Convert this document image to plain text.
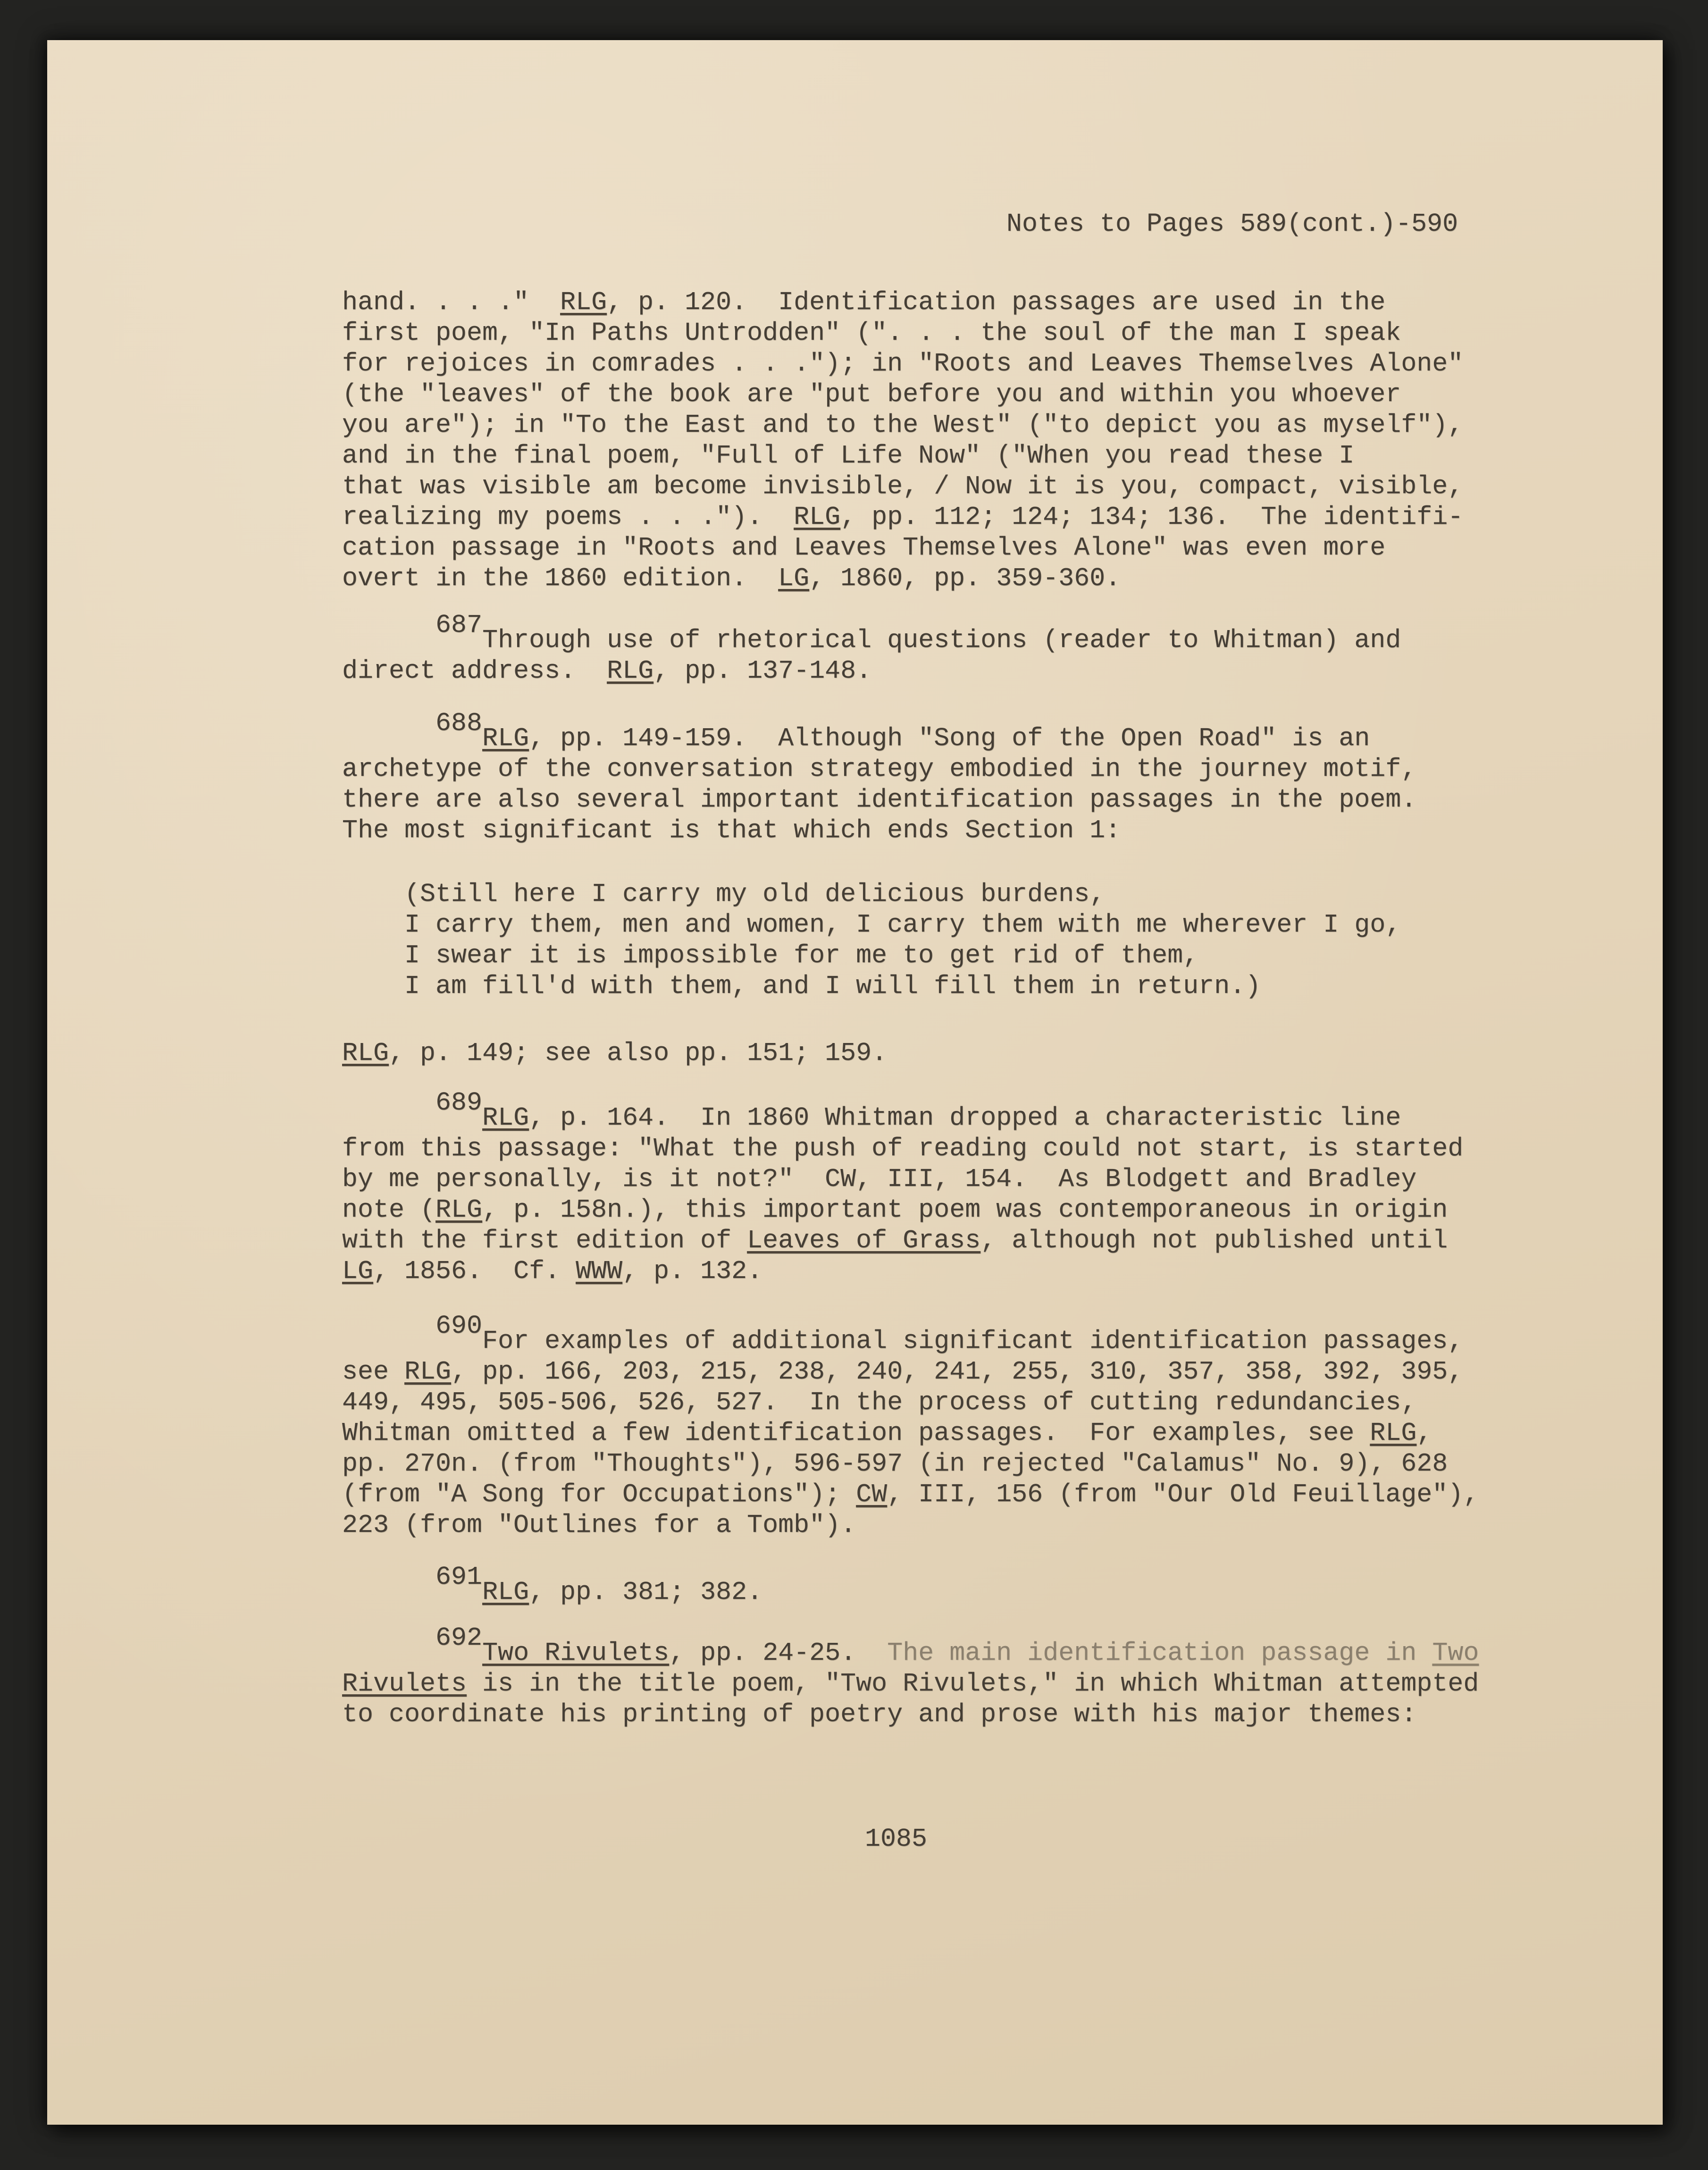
Notes to Pages 589(cont.)-590
hand. . . ."  RLG, p. 120.  Identification passages are used in the
first poem, "In Paths Untrodden" (". . . the soul of the man I speak
for rejoices in comrades . . ."); in "Roots and Leaves Themselves Alone"
(the "leaves" of the book are "put before you and within you whoever
you are"); in "To the East and to the West" ("to depict you as myself"),
and in the final poem, "Full of Life Now" ("When you read these I
that was visible am become invisible, / Now it is you, compact, visible,
realizing my poems . . .").  RLG, pp. 112; 124; 134; 136.  The identifi-
cation passage in "Roots and Leaves Themselves Alone" was even more
overt in the 1860 edition.  LG, 1860, pp. 359-360.
687Through use of rhetorical questions (reader to Whitman) and
direct address.  RLG, pp. 137-148.
688RLG, pp. 149-159.  Although "Song of the Open Road" is an
archetype of the conversation strategy embodied in the journey motif,
there are also several important identification passages in the poem.
The most significant is that which ends Section 1:
(Still here I carry my old delicious burdens,
I carry them, men and women, I carry them with me wherever I go,
I swear it is impossible for me to get rid of them,
I am fill'd with them, and I will fill them in return.)
RLG, p. 149; see also pp. 151; 159.
689RLG, p. 164.  In 1860 Whitman dropped a characteristic line
from this passage: "What the push of reading could not start, is started
by me personally, is it not?"  CW, III, 154.  As Blodgett and Bradley
note (RLG, p. 158n.), this important poem was contemporaneous in origin
with the first edition of Leaves of Grass, although not published until
LG, 1856.  Cf. WWW, p. 132.
690For examples of additional significant identification passages,
see RLG, pp. 166, 203, 215, 238, 240, 241, 255, 310, 357, 358, 392, 395,
449, 495, 505-506, 526, 527.  In the process of cutting redundancies,
Whitman omitted a few identification passages.  For examples, see RLG,
pp. 270n. (from "Thoughts"), 596-597 (in rejected "Calamus" No. 9), 628
(from "A Song for Occupations"); CW, III, 156 (from "Our Old Feuillage"),
223 (from "Outlines for a Tomb").
691RLG, pp. 381; 382.
692Two Rivulets, pp. 24-25.  The main identification passage in Two
Rivulets is in the title poem, "Two Rivulets," in which Whitman attempted
to coordinate his printing of poetry and prose with his major themes:
1085
